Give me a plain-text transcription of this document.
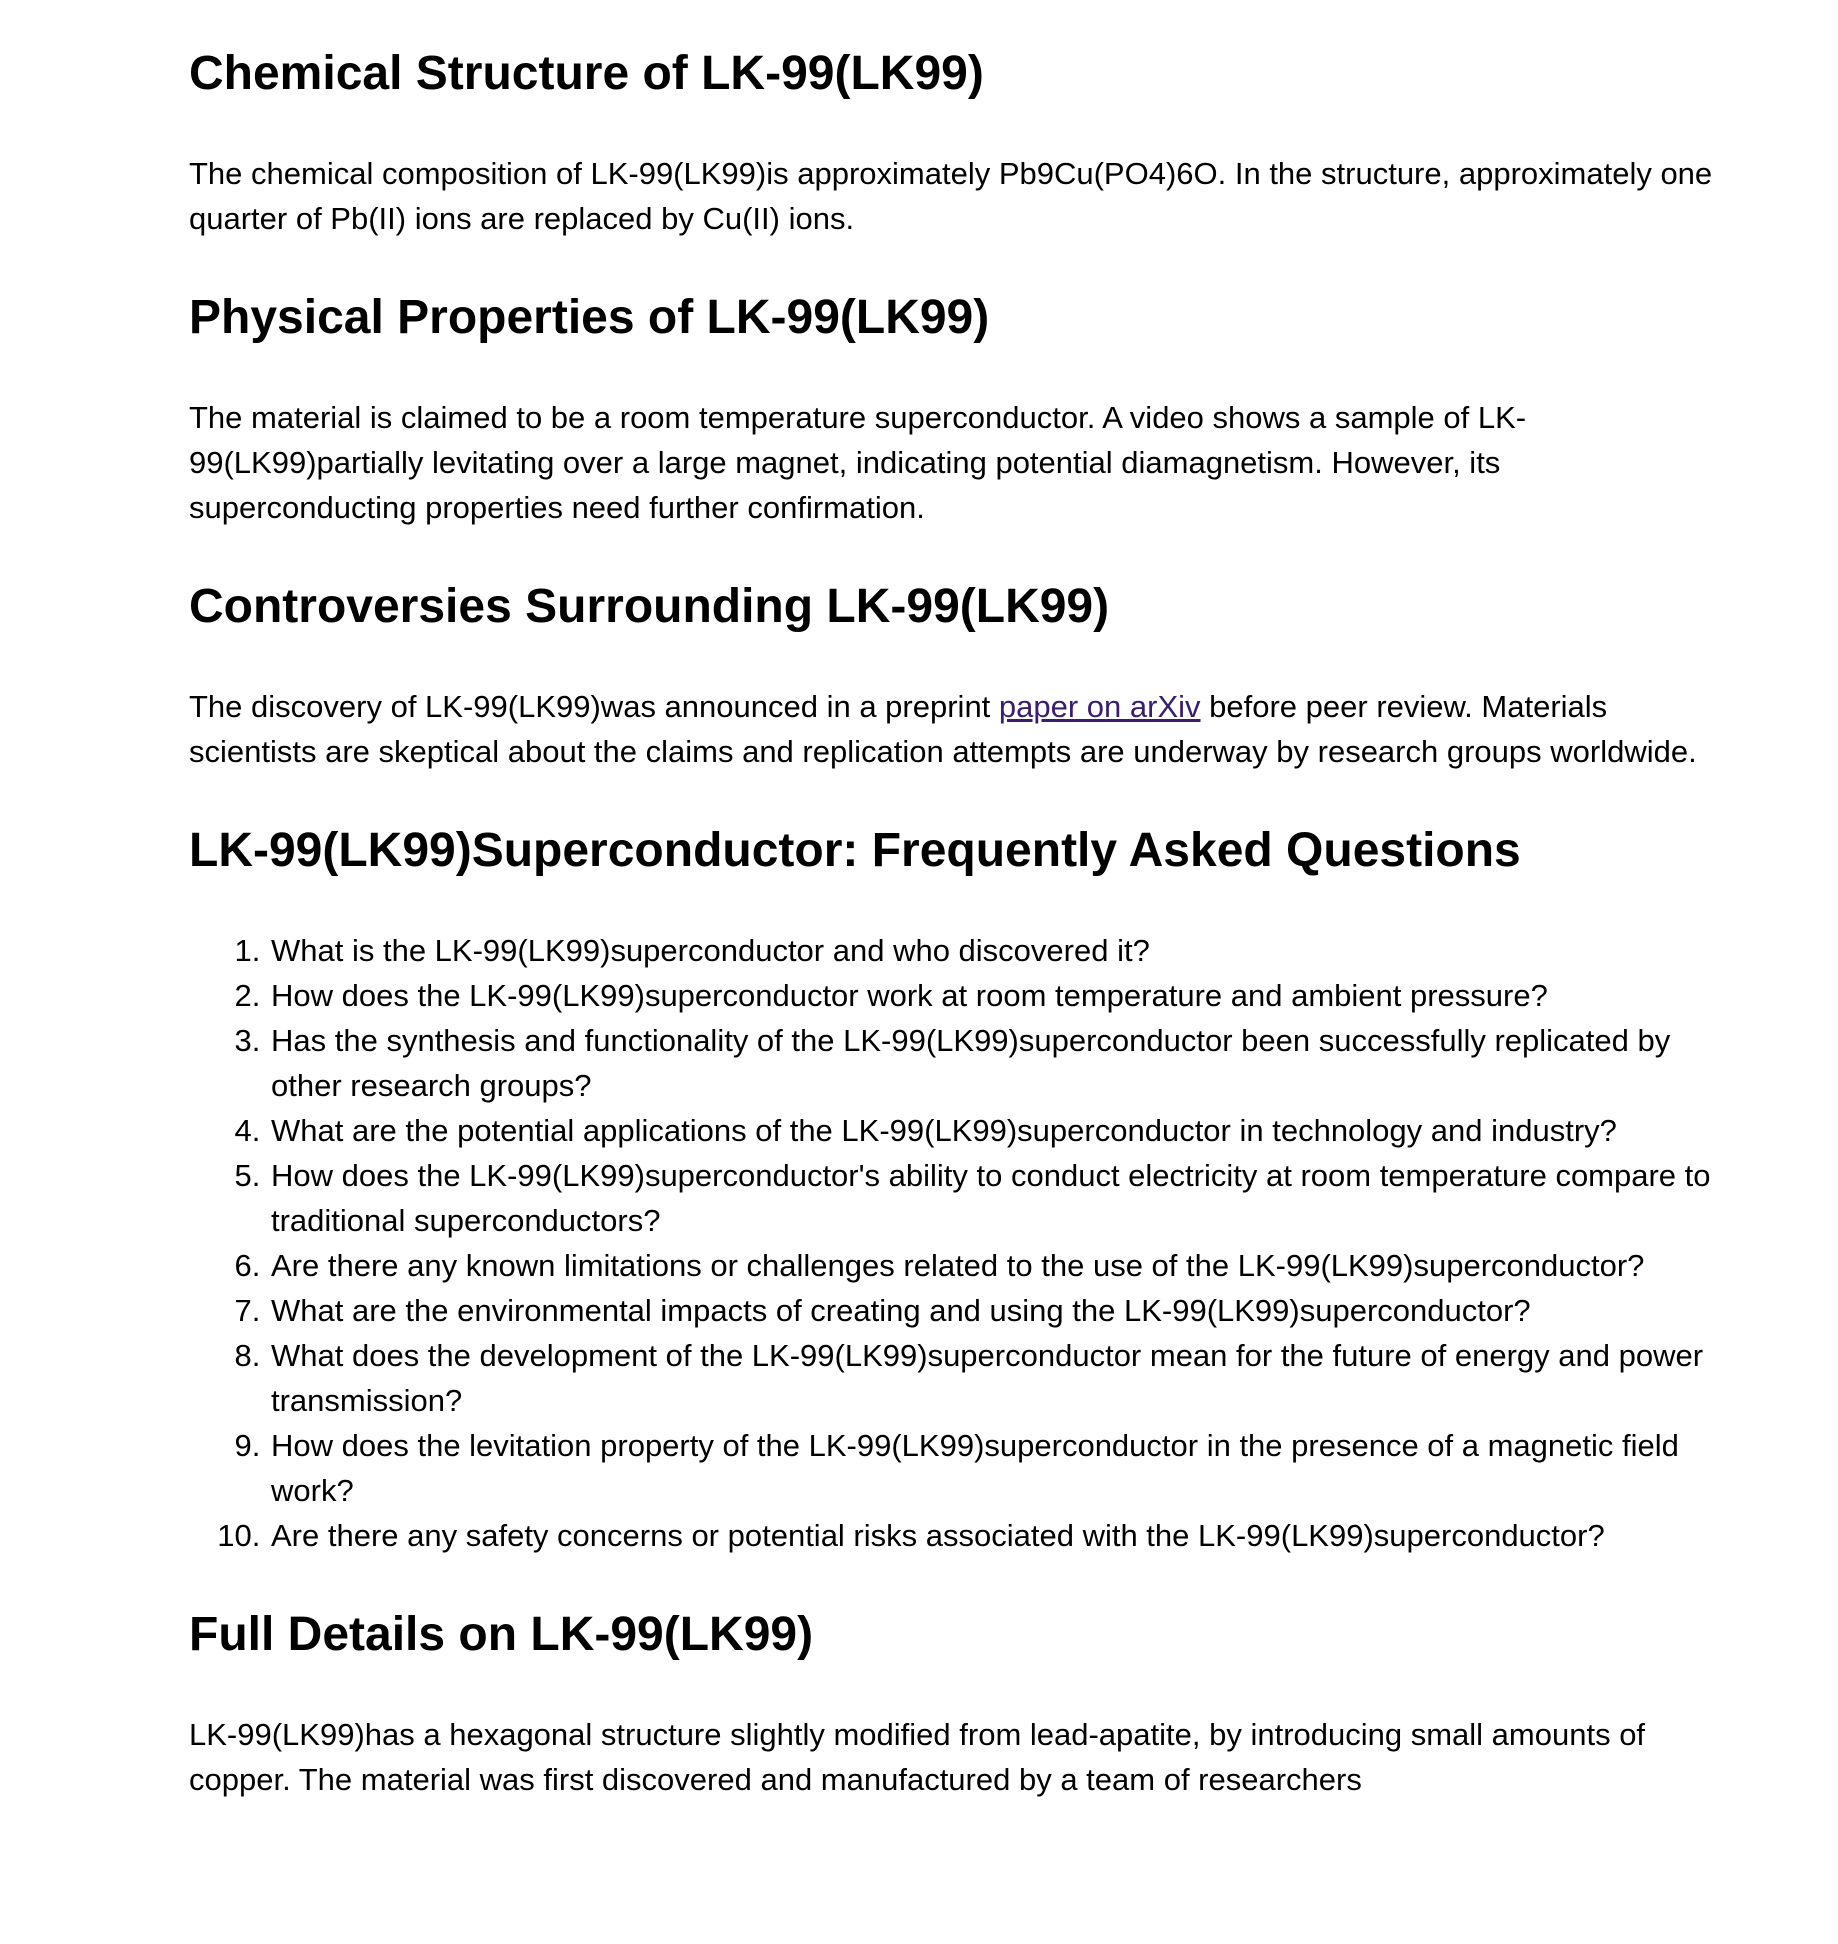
Chemical Structure of LK-99(LK99)

The chemical composition of LK-99(LK99)is approximately Pb9Cu(PO4)6O. In the structure, approximately one quarter of Pb(II) ions are replaced by Cu(II) ions.

Physical Properties of LK-99(LK99)

The material is claimed to be a room temperature superconductor. A video shows a sample of LK-99(LK99)partially levitating over a large magnet, indicating potential diamagnetism. However, its superconducting properties need further confirmation.

Controversies Surrounding LK-99(LK99)

The discovery of LK-99(LK99)was announced in a preprint paper on arXiv before peer review. Materials scientists are skeptical about the claims and replication attempts are underway by research groups worldwide.

LK-99(LK99)Superconductor: Frequently Asked Questions
1. What is the LK-99(LK99)superconductor and who discovered it?
2. How does the LK-99(LK99)superconductor work at room temperature and ambient pressure?
3. Has the synthesis and functionality of the LK-99(LK99)superconductor been successfully replicated by other research groups?
4. What are the potential applications of the LK-99(LK99)superconductor in technology and industry?
5. How does the LK-99(LK99)superconductor's ability to conduct electricity at room temperature compare to traditional superconductors?
6. Are there any known limitations or challenges related to the use of the LK-99(LK99)superconductor?
7. What are the environmental impacts of creating and using the LK-99(LK99)superconductor?
8. What does the development of the LK-99(LK99)superconductor mean for the future of energy and power transmission?
9. How does the levitation property of the LK-99(LK99)superconductor in the presence of a magnetic field work?
10. Are there any safety concerns or potential risks associated with the LK-99(LK99)superconductor?
Full Details on LK-99(LK99)

LK-99(LK99)has a hexagonal structure slightly modified from lead-apatite, by introducing small amounts of copper. The material was first discovered and manufactured by a team of researchers
